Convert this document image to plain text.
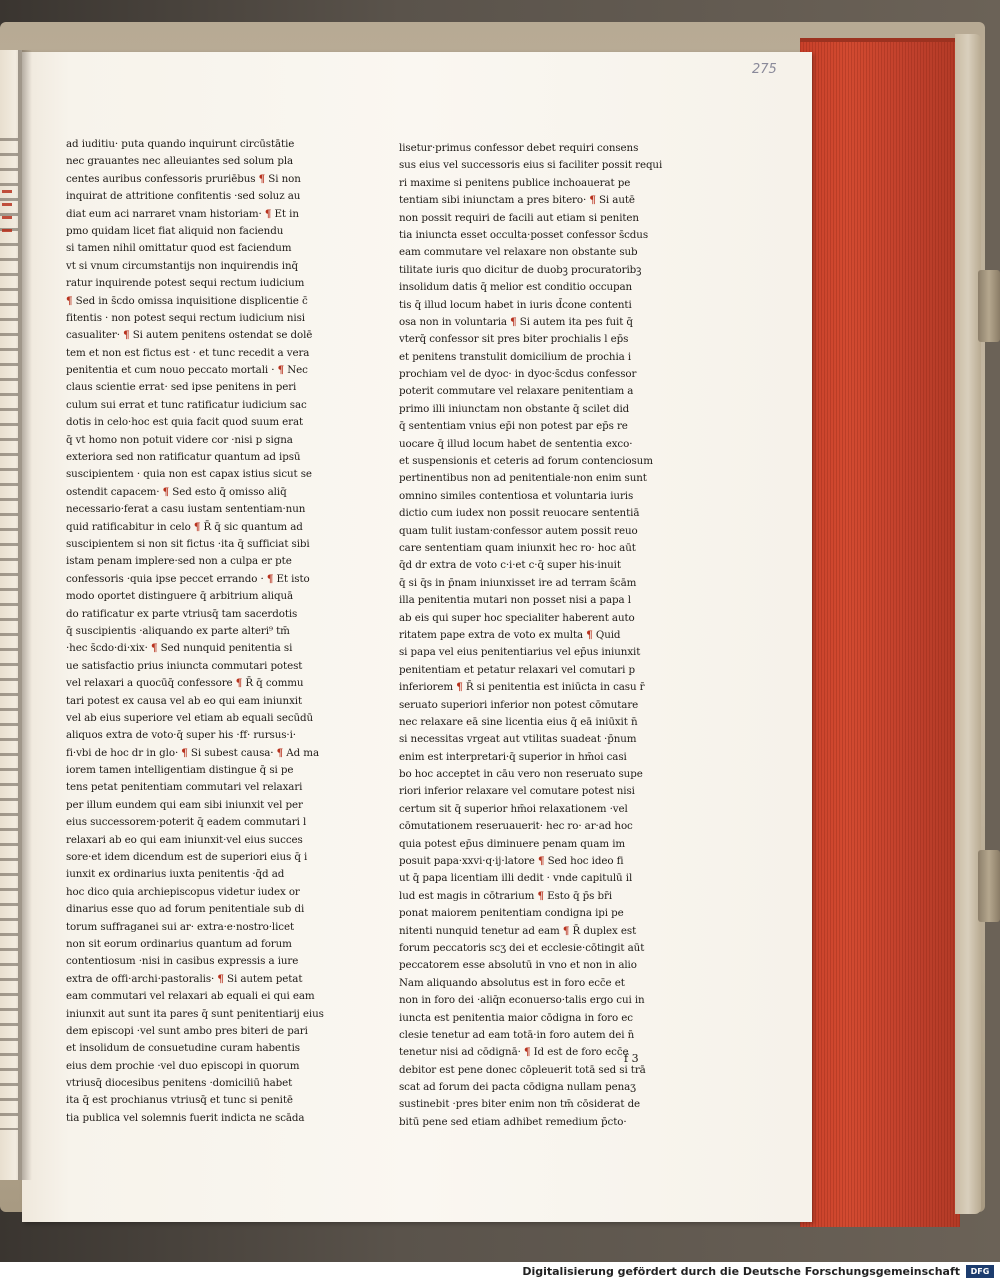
275
ad iuditiu· puta quando inquirunt circūstātie
nec grauantes nec alleuiantes sed solum pla
centes auribus confessoris pruriēbus ¶ Si non
inquirat de attritione confitentis ·sed soluz au
diat eum aci narraret vnam historiam· ¶ Et in
pmo quidam licet fiat aliquid non faciendu
si tamen nihil omittatur quod est faciendum
vt si vnum circumstantijs non inquirendis inq̄
ratur inquirende potest sequi rectum iudicium
¶ Sed in s̄cdo omissa inquisitione displicentie c̄
fitentis · non potest sequi rectum iudicium nisi
casualiter· ¶ Si autem penitens ostendat se dolē
tem et non est fictus est · et tunc recedit a vera
penitentia et cum nouo peccato mortali · ¶ Nec
claus scientie errat· sed ipse penitens in peri
culum sui errat et tunc ratificatur iudicium sac
dotis in celo·hoc est quia facit quod suum erat
q̄ vt homo non potuit videre cor ·nisi p signa
exteriora sed non ratificatur quantum ad ipsū
suscipientem · quia non est capax istius sicut se
ostendit capacem· ¶ Sed esto q̄ omisso aliq̄
necessario·ferat a casu iustam sententiam·nun
quid ratificabitur in celo ¶ R̄ q̄ sic quantum ad
suscipientem si non sit fictus ·ita q̄ sufficiat sibi
istam penam implere·sed non a culpa er pte
confessoris ·quia ipse peccet errando · ¶ Et isto
modo oportet distinguere q̄ arbitrium aliquā
do ratificatur ex parte vtriusq̄ tam sacerdotis
q̄ suscipientis ·aliquando ex parte alteri⁹ tm̄
·hec s̄cdo·di·xix· ¶ Sed nunquid penitentia si
ue satisfactio prius iniuncta commutari potest
vel relaxari a quocūq̄ confessore ¶ R̄ q̄ commu
tari potest ex causa vel ab eo qui eam iniunxit
vel ab eius superiore vel etiam ab equali secūdū
aliquos extra de voto·q̄ super his ·ff· rursus·i·
fi·vbi de hoc dr in glo· ¶ Si subest causa· ¶ Ad ma
iorem tamen intelligentiam distingue q̄ si pe
tens petat penitentiam commutari vel relaxari
per illum eundem qui eam sibi iniunxit vel per
eius successorem·poterit q̄ eadem commutari l
relaxari ab eo qui eam iniunxit·vel eius succes
sore·et idem dicendum est de superiori eius q̄ i
iunxit ex ordinarius iuxta penitentis ·q̄d ad
hoc dico quia archiepiscopus videtur iudex or
dinarius esse quo ad forum penitentiale sub di
torum suffraganei sui ar· extra·e·nostro·licet
non sit eorum ordinarius quantum ad forum
contentiosum ·nisi in casibus expressis a iure
extra de offi·archi·pastoralis· ¶ Si autem petat
eam commutari vel relaxari ab equali ei qui eam
iniunxit aut sunt ita pares q̄ sunt penitentiarij eius
dem episcopi ·vel sunt ambo pres biteri de pari
et insolidum de consuetudine curam habentis
eius dem prochie ·vel duo episcopi in quorum
vtriusq̄ diocesibus penitens ·domiciliū habet
ita q̄ est prochianus vtriusq̄ et tunc si penitē
tia publica vel solemnis fuerit indicta ne scāda
lisetur·primus confessor debet requiri consens
sus eius vel successoris eius si faciliter possit requi
ri maxime si penitens publice inchoauerat pe
tentiam sibi iniunctam a pres bitero· ¶ Si autē
non possit requiri de facili aut etiam si peniten
tia iniuncta esset occulta·posset confessor s̄cdus
eam commutare vel relaxare non obstante sub
tilitate iuris quo dicitur de duobꝫ procuratoribꝫ
insolidum datis q̄ melior est conditio occupan
tis q̄ illud locum habet in iuris d̄cone contenti
osa non in voluntaria ¶ Si autem ita pes fuit q̄
vterq̄ confessor sit pres biter prochialis l ep̄s
et penitens transtulit domicilium de prochia i
prochiam vel de dyoc· in dyoc·s̄cdus confessor
poterit commutare vel relaxare penitentiam a
primo illi iniunctam non obstante q̄ scilet did
q̄ sententiam vnius ep̄i non potest par ep̄s re
uocare q̄ illud locum habet de sententia exco·
et suspensionis et ceteris ad forum contenciosum
pertinentibus non ad penitentiale·non enim sunt
omnino similes contentiosa et voluntaria iuris
dictio cum iudex non possit reuocare sententiā
quam tulit iustam·confessor autem possit reuo
care sententiam quam iniunxit hec ro· hoc aūt
q̄d dr extra de voto c·i·et c·q̄ super his·inuit
q̄ si q̄s in p̄nam iniunxisset ire ad terram s̄cām
illa penitentia mutari non posset nisi a papa l
ab eis qui super hoc specialiter haberent auto
ritatem pape extra de voto ex multa ¶ Quid
si papa vel eius penitentiarius vel ep̄us iniunxit
penitentiam et petatur relaxari vel comutari p
inferiorem ¶ R̄ si penitentia est iniūcta in casu r̄
seruato superiori inferior non potest cōmutare
nec relaxare eā sine licentia eius q̄ eā iniūxit n̄
si necessitas vrgeat aut vtilitas suadeat ·p̄num
enim est interpretari·q̄ superior in hm̄oi casi
bo hoc acceptet in cāu vero non reseruato supe
riori inferior relaxare vel comutare potest nisi
certum sit q̄ superior hm̄oi relaxationem ·vel
cōmutationem reseruauerit· hec ro· ar·ad hoc
quia potest ep̄us diminuere penam quam im
posuit papa·xxvi·q·ij·latore ¶ Sed hoc ideo fi
ut q̄ papa licentiam illi dedit · vnde capitulū il
lud est magis in cōtrarium ¶ Esto q̄ p̄s br̄i
ponat maiorem penitentiam condigna ipi pe
nitenti nunquid tenetur ad eam ¶ R̄ duplex est
forum peccatoris scʒ dei et ecclesie·cōtingit aūt
peccatorem esse absolutū in vno et non in alio
Nam aliquando absolutus est in foro ecc̄e et
non in foro dei ·aliq̄n econuerso·talis ergo cui in
iuncta est penitentia maior cōdigna in foro ec
clesie tenetur ad eam totā·in foro autem dei n̄
tenetur nisi ad cōdignā· ¶ Id est de foro ecc̄e
debitor est pene donec cōpleuerit totā sed si trā
scat ad forum dei pacta cōdigna nullam penaʒ
sustinebit ·pres biter enim non tm̄ cōsiderat de
bitū pene sed etiam adhibet remedium p̄cto·
f 3
Digitalisierung gefördert durch die Deutsche Forschungsgemeinschaft	DFG
